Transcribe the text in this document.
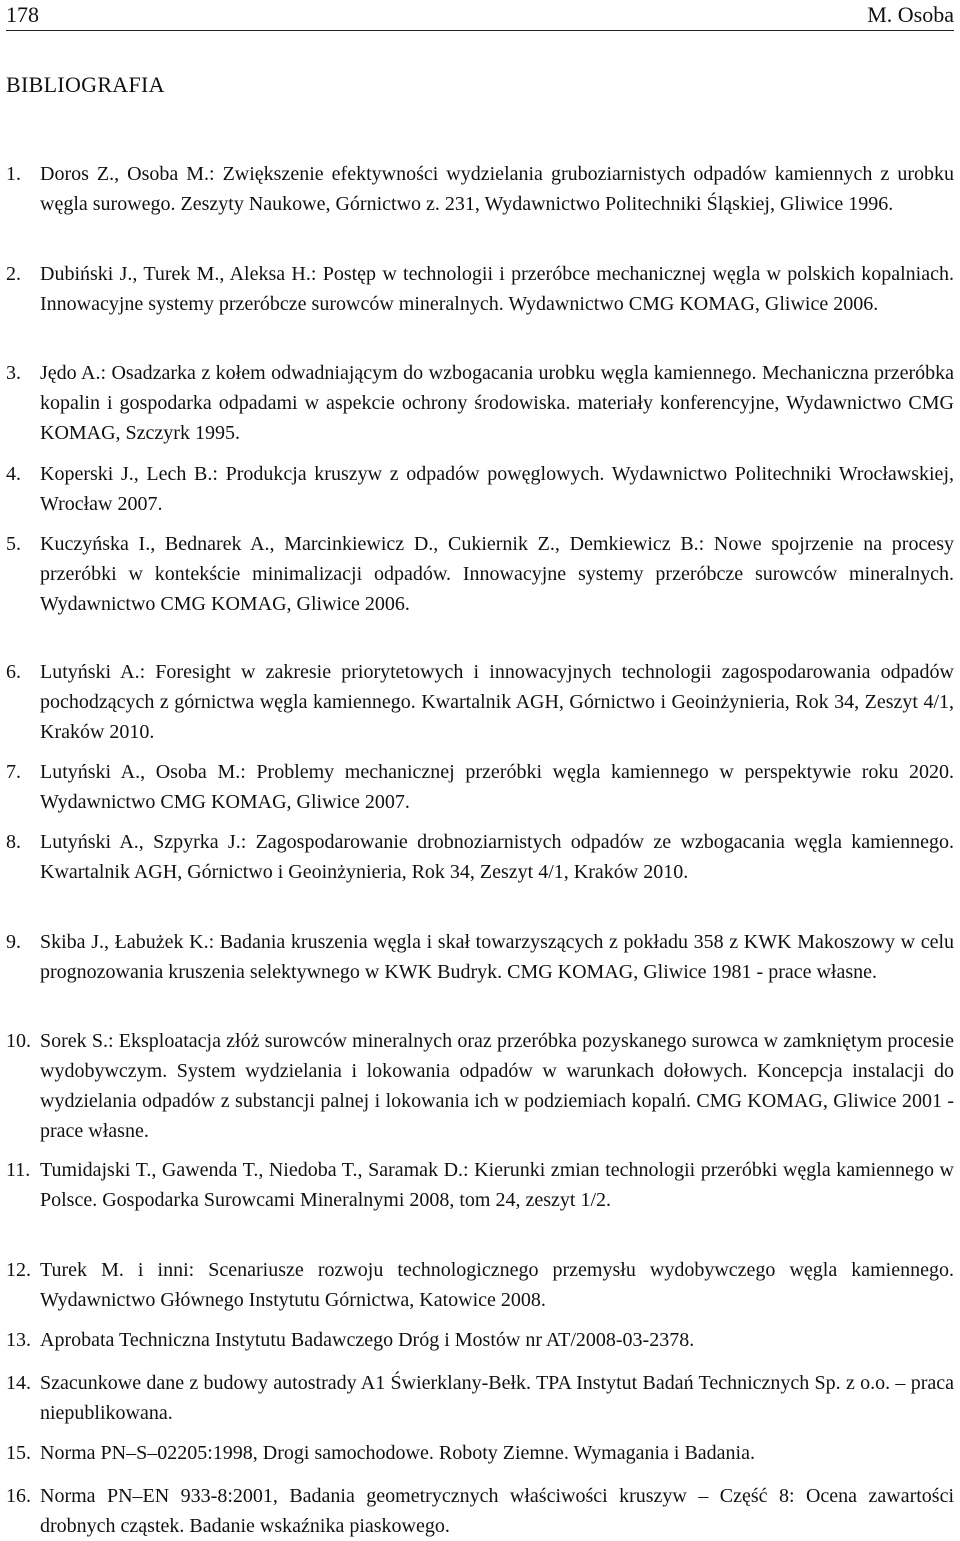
178	M. Osoba
BIBLIOGRAFIA

1. Doros Z., Osoba M.: Zwiększenie efektywności wydzielania gruboziarnistych odpadów kamiennych z urobku węgla surowego. Zeszyty Naukowe, Górnictwo z. 231, Wydawnictwo Politechniki Śląskiej, Gliwice 1996.

2. Dubiński J., Turek M., Aleksa H.: Postęp w technologii i przeróbce mechanicznej węgla w polskich kopalniach. Innowacyjne systemy przeróbcze surowców mineralnych. Wydawnictwo CMG KOMAG, Gliwice 2006.

3. Jędo A.: Osadzarka z kołem odwadniającym do wzbogacania urobku węgla kamiennego. Mechaniczna przeróbka kopalin i gospodarka odpadami w aspekcie ochrony środowiska. materiały konferencyjne, Wydawnictwo CMG KOMAG, Szczyrk 1995.

4. Koperski J., Lech B.: Produkcja kruszyw z odpadów powęglowych. Wydawnictwo Politechniki Wrocławskiej, Wrocław 2007.

5. Kuczyńska I., Bednarek A., Marcinkiewicz D., Cukiernik Z., Demkiewicz B.: Nowe spojrzenie na procesy przeróbki w kontekście minimalizacji odpadów. Innowacyjne systemy przeróbcze surowców mineralnych. Wydawnictwo CMG KOMAG, Gliwice 2006.

6. Lutyński A.: Foresight w zakresie priorytetowych i innowacyjnych technologii zagospodarowania odpadów pochodzących z górnictwa węgla kamiennego. Kwartalnik AGH, Górnictwo i Geoinżynieria, Rok 34, Zeszyt 4/1, Kraków 2010.

7. Lutyński A., Osoba M.: Problemy mechanicznej przeróbki węgla kamiennego w perspektywie roku 2020. Wydawnictwo CMG KOMAG, Gliwice 2007.

8. Lutyński A., Szpyrka J.: Zagospodarowanie drobnoziarnistych odpadów ze wzbogacania węgla kamiennego. Kwartalnik AGH, Górnictwo i Geoinżynieria, Rok 34, Zeszyt 4/1, Kraków 2010.

9. Skiba J., Łabużek K.: Badania kruszenia węgla i skał towarzyszących z pokładu 358 z KWK Makoszowy w celu prognozowania kruszenia selektywnego w KWK Budryk. CMG KOMAG, Gliwice 1981 - prace własne.

10. Sorek S.: Eksploatacja złóż surowców mineralnych oraz przeróbka pozyskanego surowca w zamkniętym procesie wydobywczym. System wydzielania i lokowania odpadów w warunkach dołowych. Koncepcja instalacji do wydzielania odpadów z substancji palnej i lokowania ich w podziemiach kopalń. CMG KOMAG, Gliwice 2001 - prace własne.

11. Tumidajski T., Gawenda T., Niedoba T., Saramak D.: Kierunki zmian technologii przeróbki węgla kamiennego w Polsce. Gospodarka Surowcami Mineralnymi 2008, tom 24, zeszyt 1/2.

12. Turek M. i inni: Scenariusze rozwoju technologicznego przemysłu wydobywczego węgla kamiennego. Wydawnictwo Głównego Instytutu Górnictwa, Katowice 2008.

13. Aprobata Techniczna Instytutu Badawczego Dróg i Mostów nr AT/2008-03-2378.

14. Szacunkowe dane z budowy autostrady A1 Świerklany-Bełk. TPA Instytut Badań Technicznych Sp. z o.o. – praca niepublikowana.

15. Norma PN–S–02205:1998, Drogi samochodowe. Roboty Ziemne. Wymagania i Badania.

16. Norma PN–EN 933-8:2001, Badania geometrycznych właściwości kruszyw – Część 8: Ocena zawartości drobnych cząstek. Badanie wskaźnika piaskowego.
